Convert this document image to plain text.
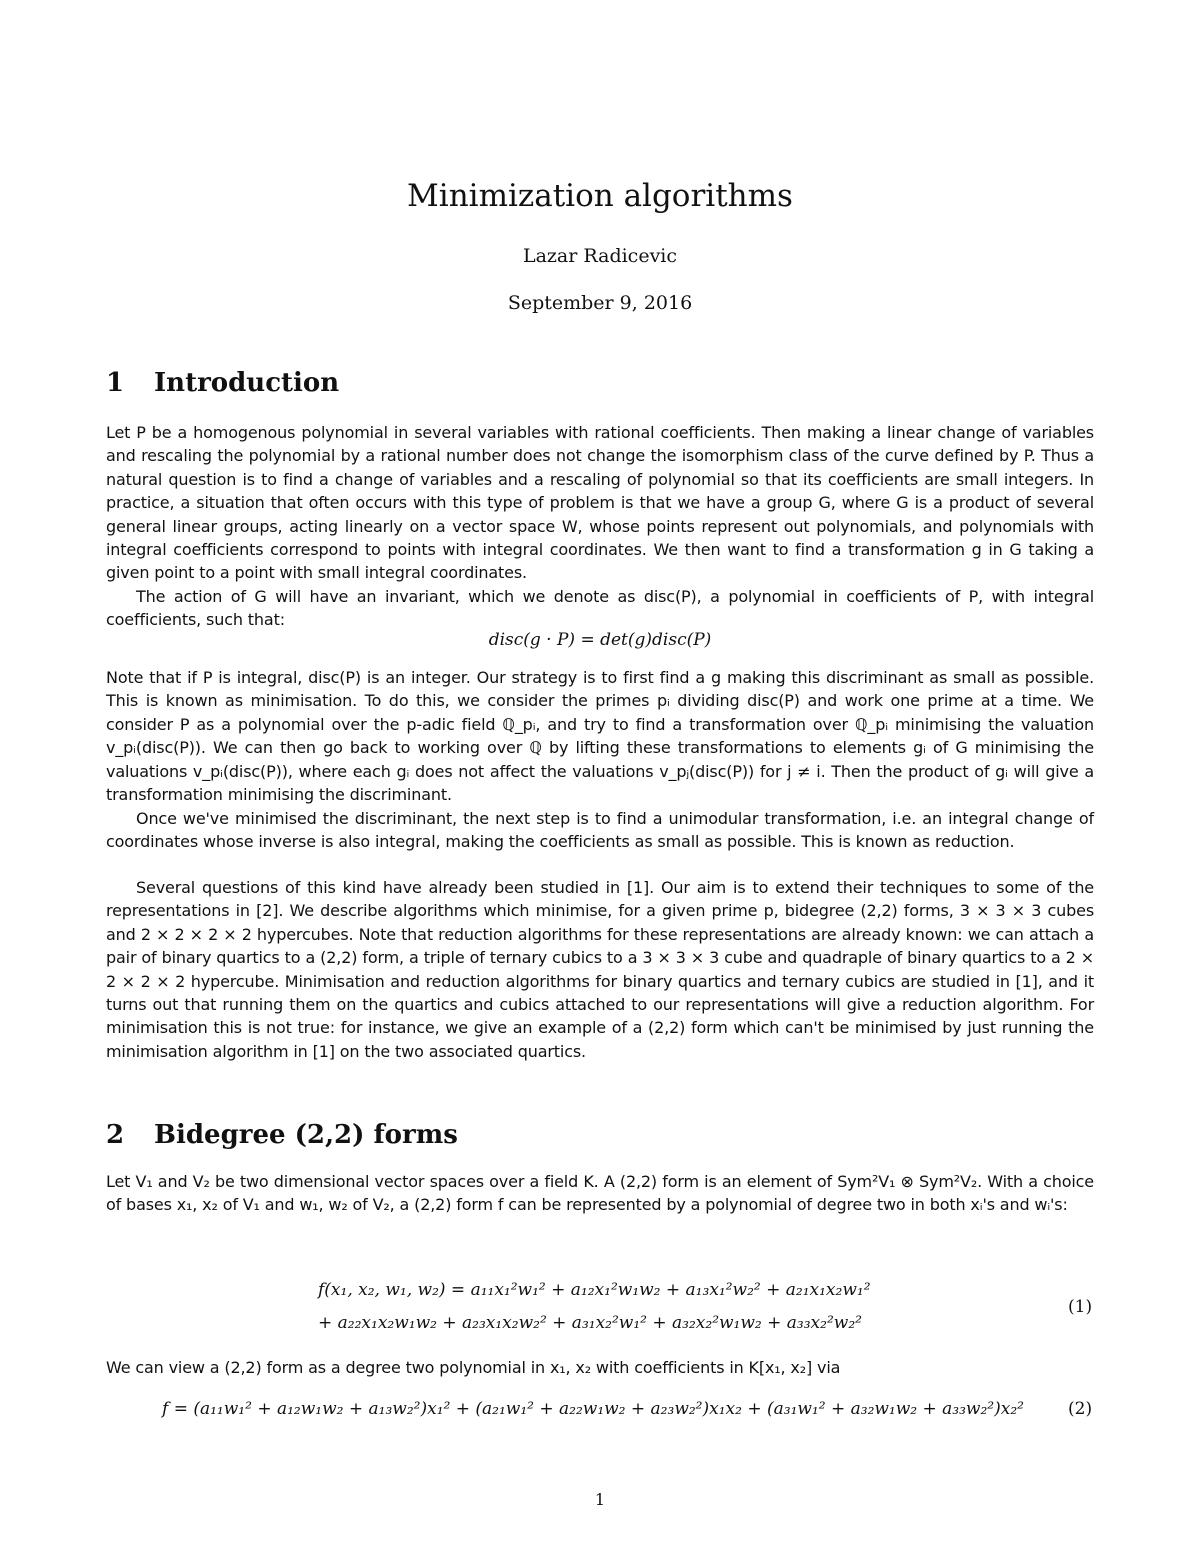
Minimization algorithms
Lazar Radicevic
September 9, 2016
1 Introduction

Let P be a homogenous polynomial in several variables with rational coefficients. Then making a linear change of variables and rescaling the polynomial by a rational number does not change the isomorphism class of the curve defined by P. Thus a natural question is to find a change of variables and a rescaling of polynomial so that its coefficients are small integers. In practice, a situation that often occurs with this type of problem is that we have a group G, where G is a product of several general linear groups, acting linearly on a vector space W, whose points represent out polynomials, and polynomials with integral coefficients correspond to points with integral coordinates. We then want to find a transformation g in G taking a given point to a point with small integral coordinates.

The action of G will have an invariant, which we denote as disc(P), a polynomial in coefficients of P, with integral coefficients, such that:

disc(g · P) = det(g)disc(P)

Note that if P is integral, disc(P) is an integer. Our strategy is to first find a g making this discriminant as small as possible. This is known as minimisation. To do this, we consider the primes pᵢ dividing disc(P) and work one prime at a time. We consider P as a polynomial over the p-adic field ℚ_pᵢ, and try to find a transformation over ℚ_pᵢ minimising the valuation v_pᵢ(disc(P)). We can then go back to working over ℚ by lifting these transformations to elements gᵢ of G minimising the valuations v_pᵢ(disc(P)), where each gᵢ does not affect the valuations v_pⱼ(disc(P)) for j ≠ i. Then the product of gᵢ will give a transformation minimising the discriminant.

Once we've minimised the discriminant, the next step is to find a unimodular transformation, i.e. an integral change of coordinates whose inverse is also integral, making the coefficients as small as possible. This is known as reduction.

Several questions of this kind have already been studied in [1]. Our aim is to extend their techniques to some of the representations in [2]. We describe algorithms which minimise, for a given prime p, bidegree (2,2) forms, 3 × 3 × 3 cubes and 2 × 2 × 2 × 2 hypercubes. Note that reduction algorithms for these representations are already known: we can attach a pair of binary quartics to a (2,2) form, a triple of ternary cubics to a 3 × 3 × 3 cube and quadraple of binary quartics to a 2 × 2 × 2 × 2 hypercube. Minimisation and reduction algorithms for binary quartics and ternary cubics are studied in [1], and it turns out that running them on the quartics and cubics attached to our representations will give a reduction algorithm. For minimisation this is not true: for instance, we give an example of a (2,2) form which can't be minimised by just running the minimisation algorithm in [1] on the two associated quartics.

2 Bidegree (2,2) forms

Let V₁ and V₂ be two dimensional vector spaces over a field K. A (2,2) form is an element of Sym²V₁ ⊗ Sym²V₂. With a choice of bases x₁, x₂ of V₁ and w₁, w₂ of V₂, a (2,2) form f can be represented by a polynomial of degree two in both xᵢ's and wᵢ's:

f(x₁, x₂, w₁, w₂) = a₁₁x₁²w₁² + a₁₂x₁²w₁w₂ + a₁₃x₁²w₂² + a₂₁x₁x₂w₁²
+ a₂₂x₁x₂w₁w₂ + a₂₃x₁x₂w₂² + a₃₁x₂²w₁² + a₃₂x₂²w₁w₂ + a₃₃x₂²w₂²
(1)

We can view a (2,2) form as a degree two polynomial in x₁, x₂ with coefficients in K[x₁, x₂] via

f = (a₁₁w₁² + a₁₂w₁w₂ + a₁₃w₂²)x₁² + (a₂₁w₁² + a₂₂w₁w₂ + a₂₃w₂²)x₁x₂ + (a₃₁w₁² + a₃₂w₁w₂ + a₃₃w₂²)x₂²	(2)
1
